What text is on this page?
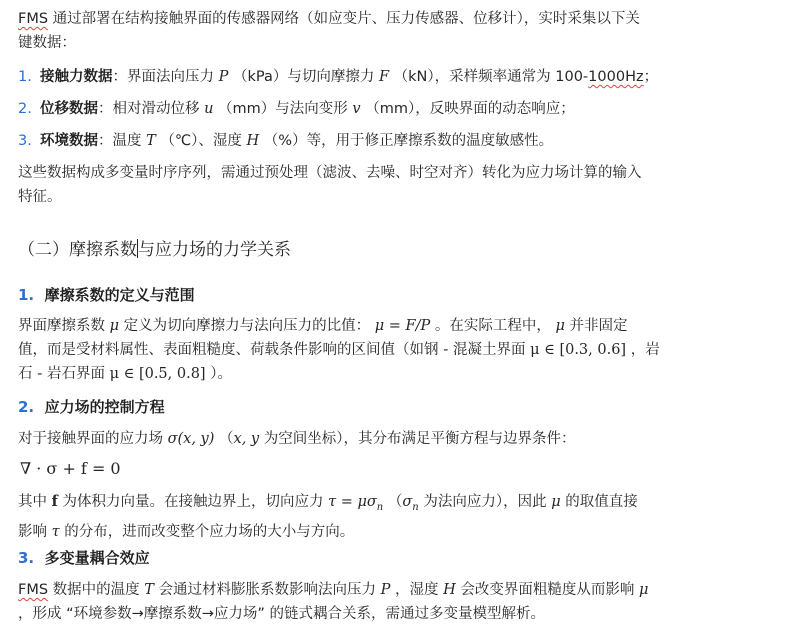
FMS 通过部署在结构接触界面的传感器网络（如应变片、压力传感器、位移计），实时采集以下关
键数据：
1. 接触力数据：界面法向压力 P （kPa）与切向摩擦力 F （kN），采样频率通常为 100-1000Hz；
2. 位移数据：相对滑动位移 u （mm）与法向变形 v （mm），反映界面的动态响应；
3. 环境数据：温度 T （℃）、湿度 H （%）等，用于修正摩擦系数的温度敏感性。
这些数据构成多变量时序序列，需通过预处理（滤波、去噪、时空对齐）转化为应力场计算的输入
特征。
（二）摩擦系数与应力场的力学关系
1. 摩擦系数的定义与范围
界面摩擦系数 μ 定义为切向摩擦力与法向压力的比值： μ = F/P 。在实际工程中， μ 并非固定
值，而是受材料属性、表面粗糙度、荷载条件影响的区间值（如钢 - 混凝土界面 μ ∈ [0.3, 0.6] ，岩
石 - 岩石界面 μ ∈ [0.5, 0.8] ）。
2. 应力场的控制方程
对于接触界面的应力场 σ(x, y) （x, y 为空间坐标），其分布满足平衡方程与边界条件：
∇ · σ + f = 0
其中 f 为体积力向量。在接触边界上，切向应力 $\tau = \mu\sigma_n$ （$\sigma_n$ 为法向应力），因此 μ 的取值直接
影响 τ 的分布，进而改变整个应力场的大小与方向。
3. 多变量耦合效应
FMS 数据中的温度 T 会通过材料膨胀系数影响法向压力 P ，湿度 H 会改变界面粗糙度从而影响 μ
，形成 “环境参数→摩擦系数→应力场” 的链式耦合关系，需通过多变量模型解析。
